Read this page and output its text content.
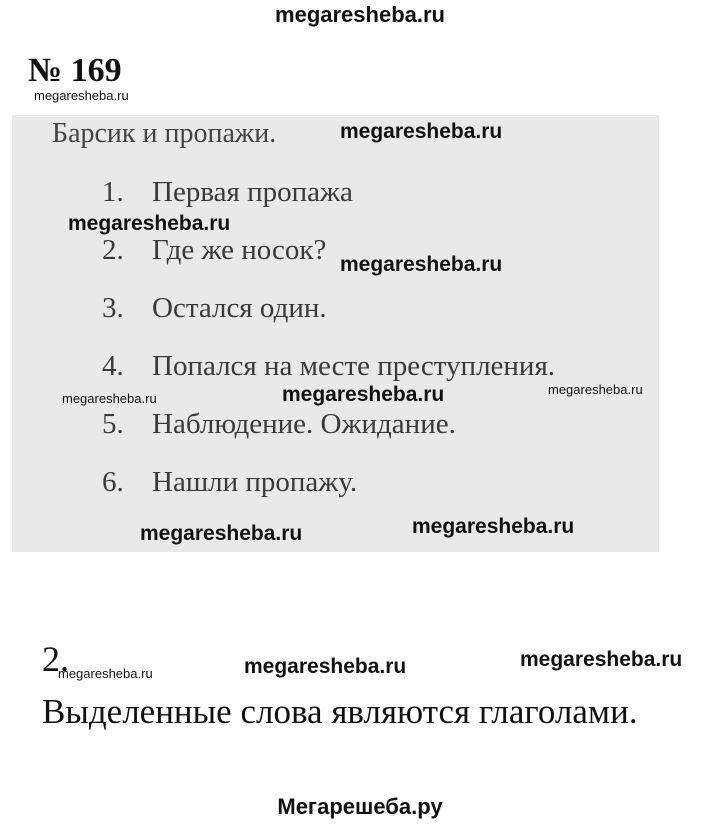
megaresheba.ru
№ 169
megaresheba.ru
Барсик и пропажи.
1. Первая пропажа
2. Где же носок?
3. Остался один.
4. Попался на месте преступления.
5. Наблюдение. Ожидание.
6. Нашли пропажу.
megaresheba.ru
megaresheba.ru
megaresheba.ru
megaresheba.ru	megaresheba.ru	megaresheba.ru
megaresheba.ru	megaresheba.ru
2.
megaresheba.ru	megaresheba.ru	megaresheba.ru
Выделенные слова являются глаголами.
Мегарешеба.ру
